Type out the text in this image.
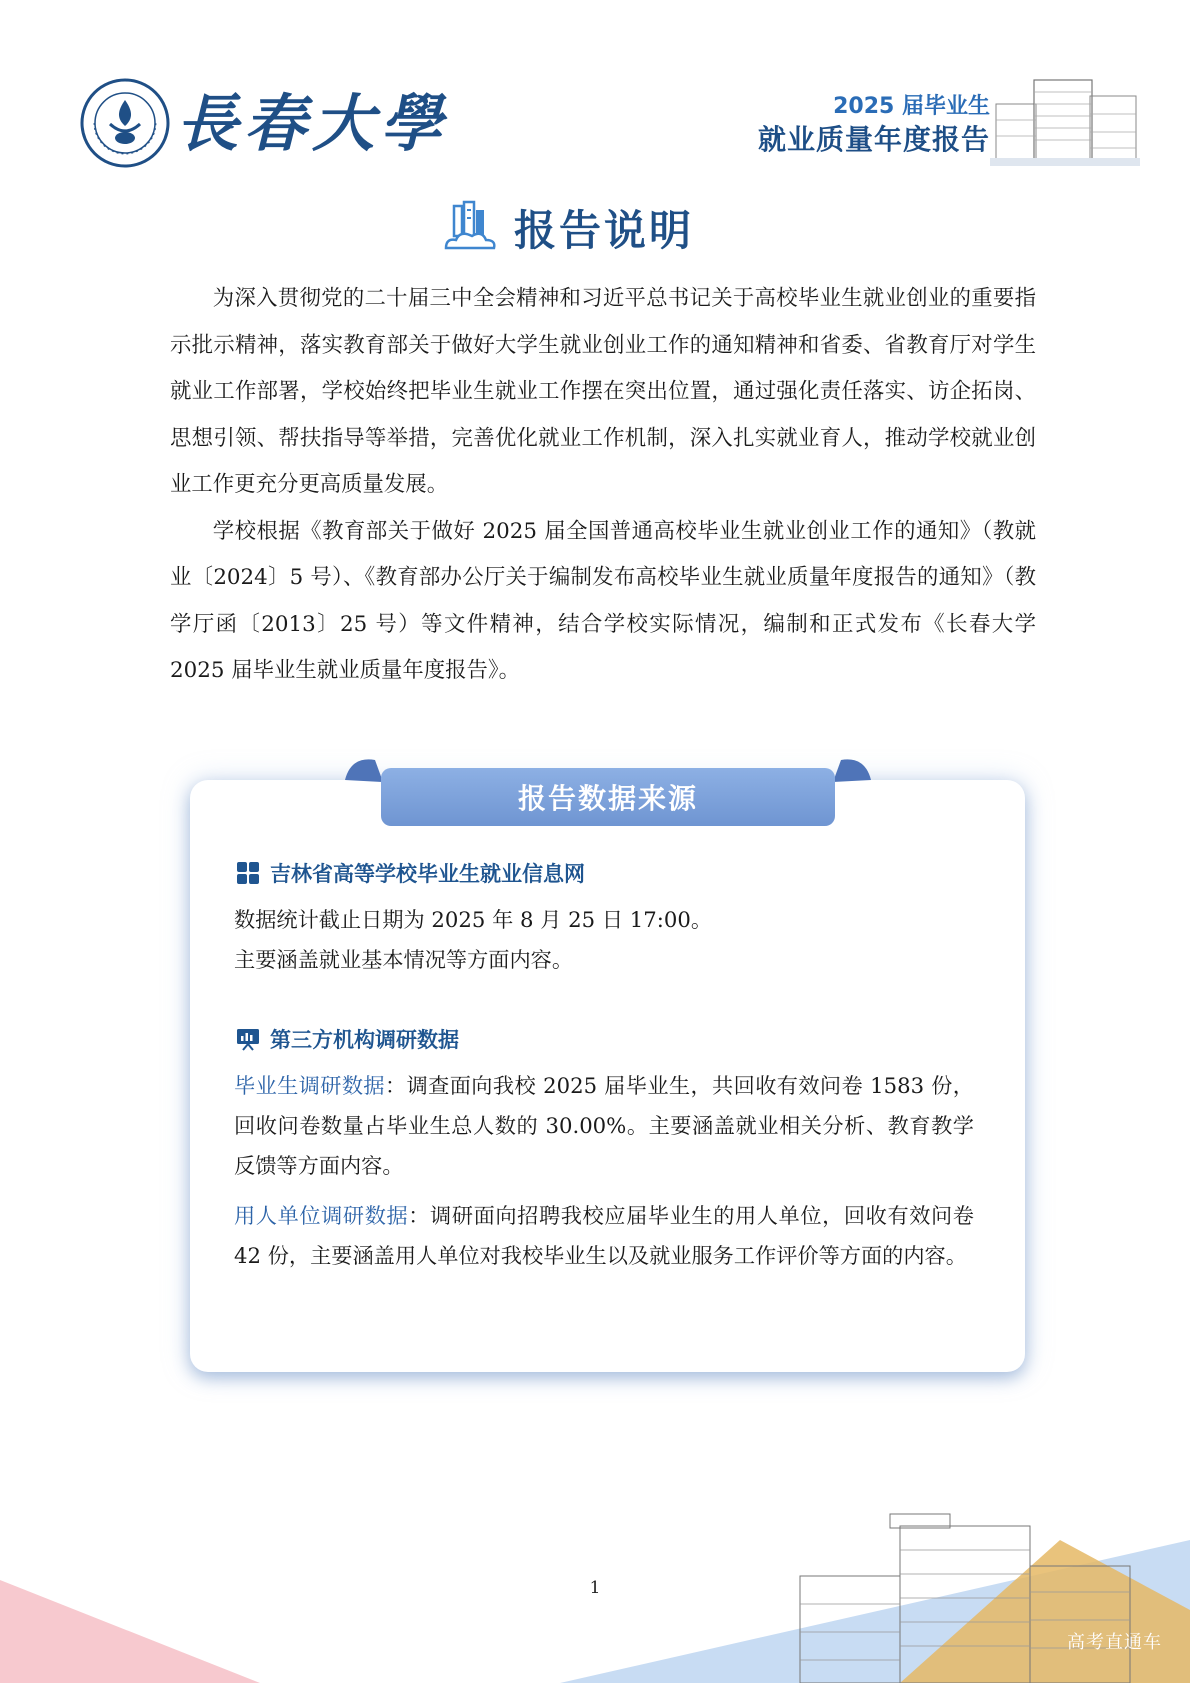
長春大學	2025 届毕业生
就业质量年度报告
报告说明

为深入贯彻党的二十届三中全会精神和习近平总书记关于高校毕业生就业创业的重要指示批示精神，落实教育部关于做好大学生就业创业工作的通知精神和省委、省教育厅对学生就业工作部署，学校始终把毕业生就业工作摆在突出位置，通过强化责任落实、访企拓岗、思想引领、帮扶指导等举措，完善优化就业工作机制，深入扎实就业育人，推动学校就业创业工作更充分更高质量发展。

学校根据《教育部关于做好 2025 届全国普通高校毕业生就业创业工作的通知》（教就业〔2024〕5 号）、《教育部办公厅关于编制发布高校毕业生就业质量年度报告的通知》（教学厅函〔2013〕25 号）等文件精神，结合学校实际情况，编制和正式发布《长春大学 2025 届毕业生就业质量年度报告》。

报告数据来源
吉林省高等学校毕业生就业信息网

数据统计截止日期为 2025 年 8 月 25 日 17:00。

主要涵盖就业基本情况等方面内容。

第三方机构调研数据

毕业生调研数据：调查面向我校 2025 届毕业生，共回收有效问卷 1583 份，回收问卷数量占毕业生总人数的 30.00%。主要涵盖就业相关分析、教育教学反馈等方面内容。

用人单位调研数据：调研面向招聘我校应届毕业生的用人单位，回收有效问卷 42 份，主要涵盖用人单位对我校毕业生以及就业服务工作评价等方面的内容。

1
高考直通车
